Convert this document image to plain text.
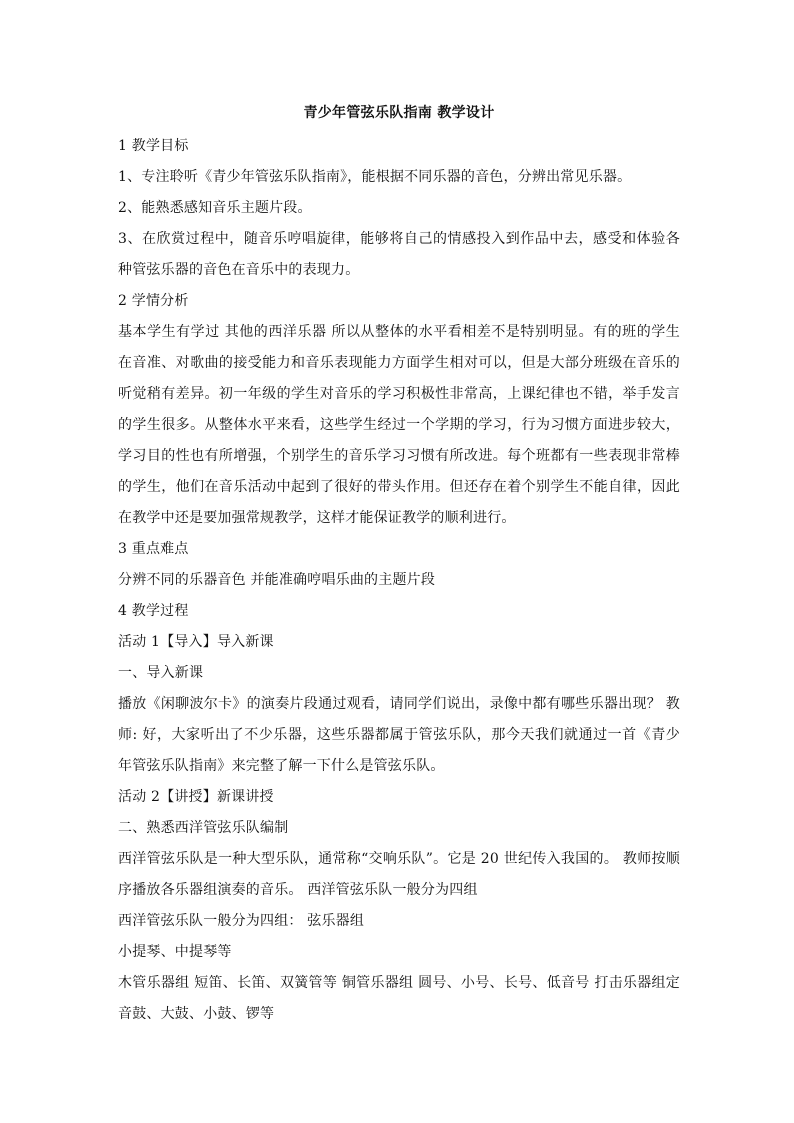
青少年管弦乐队指南 教学设计

1 教学目标

1、专注聆听《青少年管弦乐队指南》，能根据不同乐器的音色，分辨出常见乐器。

2、能熟悉感知音乐主题片段。

3、在欣赏过程中，随音乐哼唱旋律，能够将自己的情感投入到作品中去，感受和体验各种管弦乐器的音色在音乐中的表现力。

2 学情分析

基本学生有学过 其他的西洋乐器 所以从整体的水平看相差不是特别明显。有的班的学生在音准、对歌曲的接受能力和音乐表现能力方面学生相对可以，但是大部分班级在音乐的听觉稍有差异。初一年级的学生对音乐的学习积极性非常高，上课纪律也不错，举手发言的学生很多。从整体水平来看，这些学生经过一个学期的学习，行为习惯方面进步较大，学习目的性也有所增强，个别学生的音乐学习习惯有所改进。每个班都有一些表现非常棒的学生，他们在音乐活动中起到了很好的带头作用。但还存在着个别学生不能自律，因此在教学中还是要加强常规教学，这样才能保证教学的顺利进行。

3 重点难点

分辨不同的乐器音色 并能准确哼唱乐曲的主题片段

4 教学过程

活动 1【导入】导入新课

一、导入新课

播放《闲聊波尔卡》的演奏片段通过观看，请同学们说出，录像中都有哪些乐器出现？ 教师: 好，大家听出了不少乐器，这些乐器都属于管弦乐队，那今天我们就通过一首《青少年管弦乐队指南》来完整了解一下什么是管弦乐队。

活动 2【讲授】新课讲授

二、熟悉西洋管弦乐队编制

西洋管弦乐队是一种大型乐队，通常称“交响乐队”。它是 20 世纪传入我国的。 教师按顺序播放各乐器组演奏的音乐。 西洋管弦乐队一般分为四组

西洋管弦乐队一般分为四组： 弦乐器组

小提琴、中提琴等

木管乐器组 短笛、长笛、双簧管等 铜管乐器组 圆号、小号、长号、低音号 打击乐器组定音鼓、大鼓、小鼓、锣等
